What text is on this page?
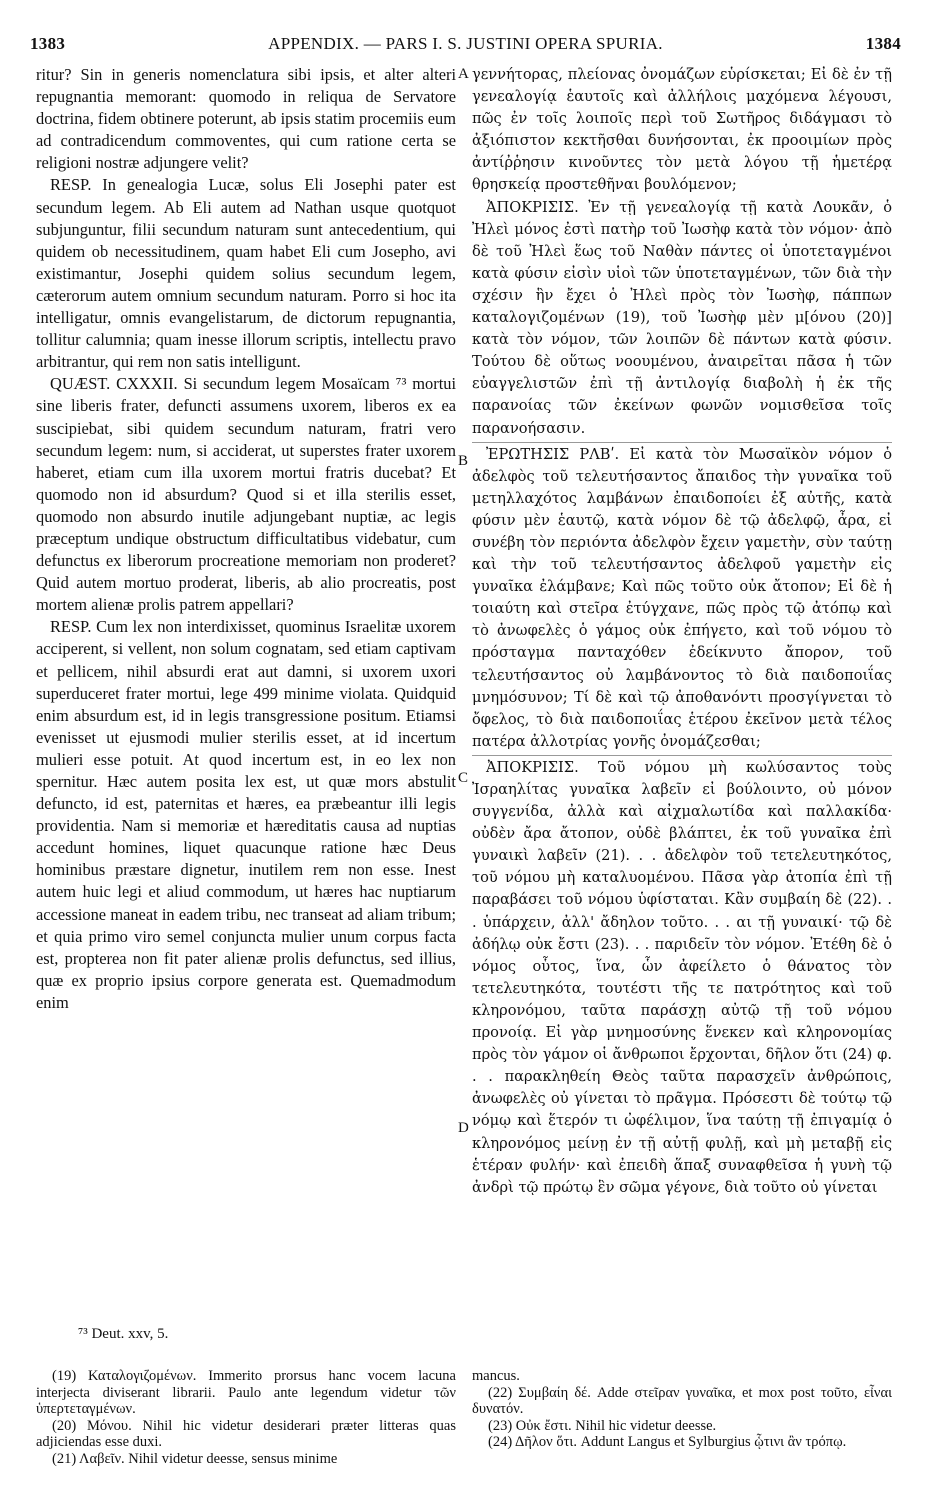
1383	APPENDIX. — PARS I. S. JUSTINI OPERA SPURIA.	1384

ritur? Sin in generis nomenclatura sibi ipsis, et alter alteri repugnantia memorant: quomodo in reliqua de Servatore doctrina, fidem obtinere poterunt, ab ipsis statim procemiis eum ad contradicendum commoventes, qui cum ratione certa se religioni nostræ adjungere velit?

RESP. In genealogia Lucæ, solus Eli Josephi pater est secundum legem. Ab Eli autem ad Nathan usque quotquot subjunguntur, filii secundum naturam sunt antecedentium, qui quidem ob necessitudinem, quam habet Eli cum Josepho, avi existimantur, Josephi quidem solius secundum legem, cæterorum autem omnium secundum naturam. Porro si hoc ita intelligatur, omnis evangelistarum, de dictorum repugnantia, tollitur calumnia; quam inesse illorum scriptis, intellectu pravo arbitrantur, qui rem non satis intelligunt.

QUÆST. CXXXII. Si secundum legem Mosaïcam ⁷³ mortui sine liberis frater, defuncti assumens uxorem, liberos ex ea suscipiebat, sibi quidem secundum naturam, fratri vero secundum legem: num, si acciderat, ut superstes frater uxorem haberet, etiam cum illa uxorem mortui fratris ducebat? Et quomodo non id absurdum? Quod si et illa sterilis esset, quomodo non absurdo inutile adjungebant nuptiæ, ac legis præceptum undique obstructum difficultatibus videbatur, cum defunctus ex liberorum procreatione memoriam non proderet? Quid autem mortuo proderat, liberis, ab alio procreatis, post mortem alienæ prolis patrem appellari?

RESP. Cum lex non interdixisset, quominus Israelitæ uxorem acciperent, si vellent, non solum cognatam, sed etiam captivam et pellicem, nihil absurdi erat aut damni, si uxorem uxori superduceret frater mortui, lege 499 minime violata. Quidquid enim absurdum est, id in legis transgressione positum. Etiamsi evenisset ut ejusmodi mulier sterilis esset, at id incertum mulieri esse potuit. At quod incertum est, in eo lex non spernitur. Hæc autem posita lex est, ut quæ mors abstulit defuncto, id est, paternitas et hæres, ea præbeantur illi legis providentia. Nam si memoriæ et hæreditatis causa ad nuptias accedunt homines, liquet quacunque ratione hæc Deus hominibus præstare dignetur, inutilem rem non esse. Inest autem huic legi et aliud commodum, ut hæres hac nuptiarum accessione maneat in eadem tribu, nec transeat ad aliam tribum; et quia primo viro semel conjuncta mulier unum corpus facta est, propterea non fit pater alienæ prolis defunctus, sed illius, quæ ex proprio ipsius corpore generata est. Quemadmodum enim

A
B
C
D

γεννήτορας, πλείονας ὀνομάζων εὑρίσκεται; Εἰ δὲ ἐν τῇ γενεαλογίᾳ ἑαυτοῖς καὶ ἀλλήλοις μαχόμενα λέγουσι, πῶς ἐν τοῖς λοιποῖς περὶ τοῦ Σωτῆρος διδάγμασι τὸ ἀξιόπιστον κεκτῆσθαι δυνήσονται, ἐκ προοιμίων πρὸς ἀντίῤῥησιν κινοῦντες τὸν μετὰ λόγου τῇ ἡμετέρᾳ θρησκείᾳ προστεθῆναι βουλόμενον;

ἈΠΟΚΡΙΣΙΣ. Ἐν τῇ γενεαλογίᾳ τῇ κατὰ Λουκᾶν, ὁ Ἠλεὶ μόνος ἐστὶ πατὴρ τοῦ Ἰωσὴφ κατὰ τὸν νόμον· ἀπὸ δὲ τοῦ Ἠλεὶ ἕως τοῦ Ναθὰν πάντες οἱ ὑποτεταγμένοι κατὰ φύσιν εἰσὶν υἱοὶ τῶν ὑποτεταγμένων, τῶν διὰ τὴν σχέσιν ἣν ἔχει ὁ Ἠλεὶ πρὸς τὸν Ἰωσὴφ, πάππων καταλογιζομένων (19), τοῦ Ἰωσὴφ μὲν μ[όνου (20)] κατὰ τὸν νόμον, τῶν λοιπῶν δὲ πάντων κατὰ φύσιν. Τούτου δὲ οὕτως νοουμένου, ἀναιρεῖται πᾶσα ἡ τῶν εὐαγγελιστῶν ἐπὶ τῇ ἀντιλογίᾳ διαβολὴ ἡ ἐκ τῆς παρανοίας τῶν ἐκείνων φωνῶν νομισθεῖσα τοῖς παρανοήσασιν.

ἘΡΩΤΗΣΙΣ ΡΛΒʹ. Εἰ κατὰ τὸν Μωσαϊκὸν νόμον ὁ ἀδελφὸς τοῦ τελευτήσαντος ἄπαιδος τὴν γυναῖκα τοῦ μετηλλαχότος λαμβάνων ἐπαιδοποίει ἐξ αὐτῆς, κατὰ φύσιν μὲν ἑαυτῷ, κατὰ νόμον δὲ τῷ ἀδελφῷ, ἆρα, εἰ συνέβη τὸν περιόντα ἀδελφὸν ἔχειν γαμετὴν, σὺν ταύτῃ καὶ τὴν τοῦ τελευτήσαντος ἀδελφοῦ γαμετὴν εἰς γυναῖκα ἐλάμβανε; Καὶ πῶς τοῦτο οὐκ ἄτοπον; Εἰ δὲ ἡ τοιαύτη καὶ στεῖρα ἐτύγχανε, πῶς πρὸς τῷ ἀτόπῳ καὶ τὸ ἀνωφελὲς ὁ γάμος οὐκ ἐπήγετο, καὶ τοῦ νόμου τὸ πρόσταγμα πανταχόθεν ἐδείκνυτο ἄπορον, τοῦ τελευτήσαντος οὐ λαμβάνοντος τὸ διὰ παιδοποιΐας μνημόσυνον; Τί δὲ καὶ τῷ ἀποθανόντι προσγίγνεται τὸ ὄφελος, τὸ διὰ παιδοποιΐας ἑτέρου ἐκεῖνον μετὰ τέλος πατέρα ἀλλοτρίας γονῆς ὀνομάζεσθαι;

ἈΠΟΚΡΙΣΙΣ. Τοῦ νόμου μὴ κωλύσαντος τοὺς Ἰσραηλίτας γυναῖκα λαβεῖν εἰ βούλοιντο, οὐ μόνον συγγενίδα, ἀλλὰ καὶ αἰχμαλωτίδα καὶ παλλακίδα· οὐδὲν ἄρα ἄτοπον, οὐδὲ βλάπτει, ἐκ τοῦ γυναῖκα ἐπὶ γυναικὶ λαβεῖν (21). . . ἀδελφὸν τοῦ τετελευτηκότος, τοῦ νόμου μὴ καταλυομένου. Πᾶσα γὰρ ἀτοπία ἐπὶ τῇ παραβάσει τοῦ νόμου ὑφίσταται. Κἂν συμβαίη δὲ (22). . . ὑπάρχειν, ἀλλ' ἄδηλον τοῦτο. . . αι τῇ γυναικί· τῷ δὲ ἀδήλῳ οὐκ ἔστι (23). . . παριδεῖν τὸν νόμον. Ἐτέθη δὲ ὁ νόμος οὗτος, ἵνα, ὧν ἀφείλετο ὁ θάνατος τὸν τετελευτηκότα, τουτέστι τῆς τε πατρότητος καὶ τοῦ κληρονόμου, ταῦτα παράσχῃ αὐτῷ τῇ τοῦ νόμου προνοίᾳ. Εἰ γὰρ μνημοσύνης ἕνεκεν καὶ κληρονομίας πρὸς τὸν γάμον οἱ ἄνθρωποι ἔρχονται, δῆλον ὅτι (24) φ. . . παρακληθείη Θεὸς ταῦτα παρασχεῖν ἀνθρώποις, ἀνωφελὲς οὐ γίνεται τὸ πρᾶγμα. Πρόσεστι δὲ τούτῳ τῷ νόμῳ καὶ ἕτερόν τι ὠφέλιμον, ἵνα ταύτῃ τῇ ἐπιγαμίᾳ ὁ κληρονόμος μείνῃ ἐν τῇ αὐτῇ φυλῇ, καὶ μὴ μεταβῇ εἰς ἑτέραν φυλήν· καὶ ἐπειδὴ ἅπαξ συναφθεῖσα ἡ γυνὴ τῷ ἀνδρὶ τῷ πρώτῳ ἓν σῶμα γέγονε, διὰ τοῦτο οὐ γίνεται

⁷³ Deut. xxv, 5.

(19) Καταλογιζομένων. Immerito prorsus hanc vocem lacuna interjecta diviserant librarii. Paulo ante legendum videtur τῶν ὑπερτεταγμένων.

(20) Μόνου. Nihil hic videtur desiderari præter litteras quas adjiciendas esse duxi.

(21) Λαβεῖν. Nihil videtur deesse, sensus minime

mancus.

(22) Συμβαίη δέ. Adde στεῖραν γυναῖκα, et mox post τοῦτο, εἶναι δυνατόν.

(23) Οὐκ ἔστι. Nihil hic videtur deesse.

(24) Δῆλον ὅτι. Addunt Langus et Sylburgius ᾧτινι ἂν τρόπῳ.
